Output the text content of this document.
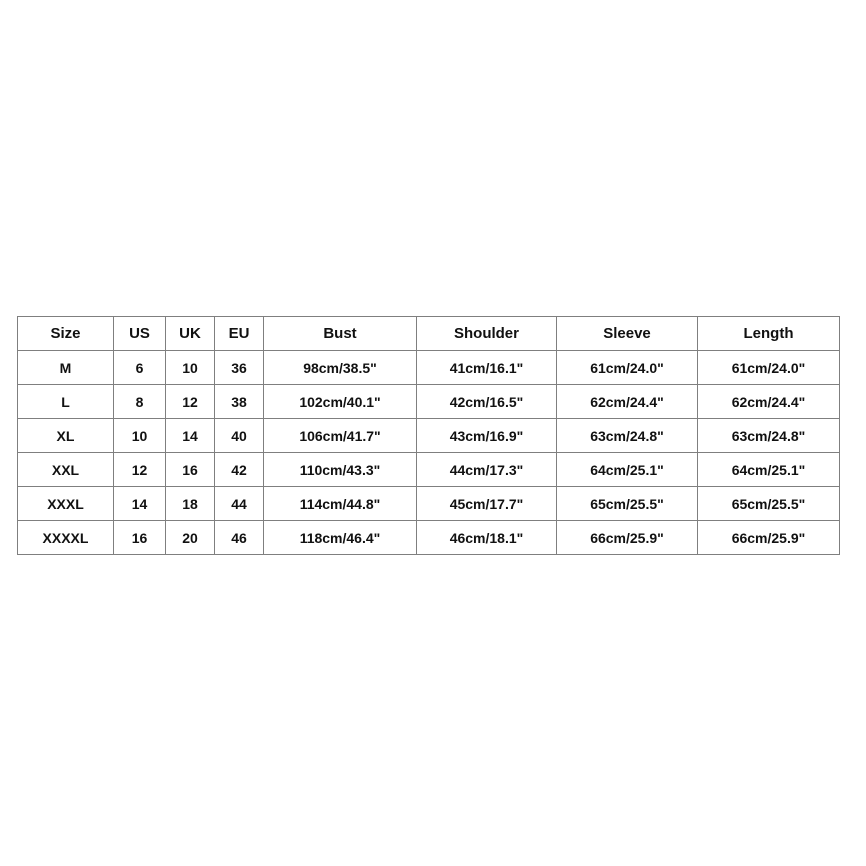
Size	US	UK	EU	Bust	Shoulder	Sleeve	Length
M	6	10	36	98cm/38.5"	41cm/16.1"	61cm/24.0"	61cm/24.0"
L	8	12	38	102cm/40.1"	42cm/16.5"	62cm/24.4"	62cm/24.4"
XL	10	14	40	106cm/41.7"	43cm/16.9"	63cm/24.8"	63cm/24.8"
XXL	12	16	42	110cm/43.3"	44cm/17.3"	64cm/25.1"	64cm/25.1"
XXXL	14	18	44	114cm/44.8"	45cm/17.7"	65cm/25.5"	65cm/25.5"
XXXXL	16	20	46	118cm/46.4"	46cm/18.1"	66cm/25.9"	66cm/25.9"
